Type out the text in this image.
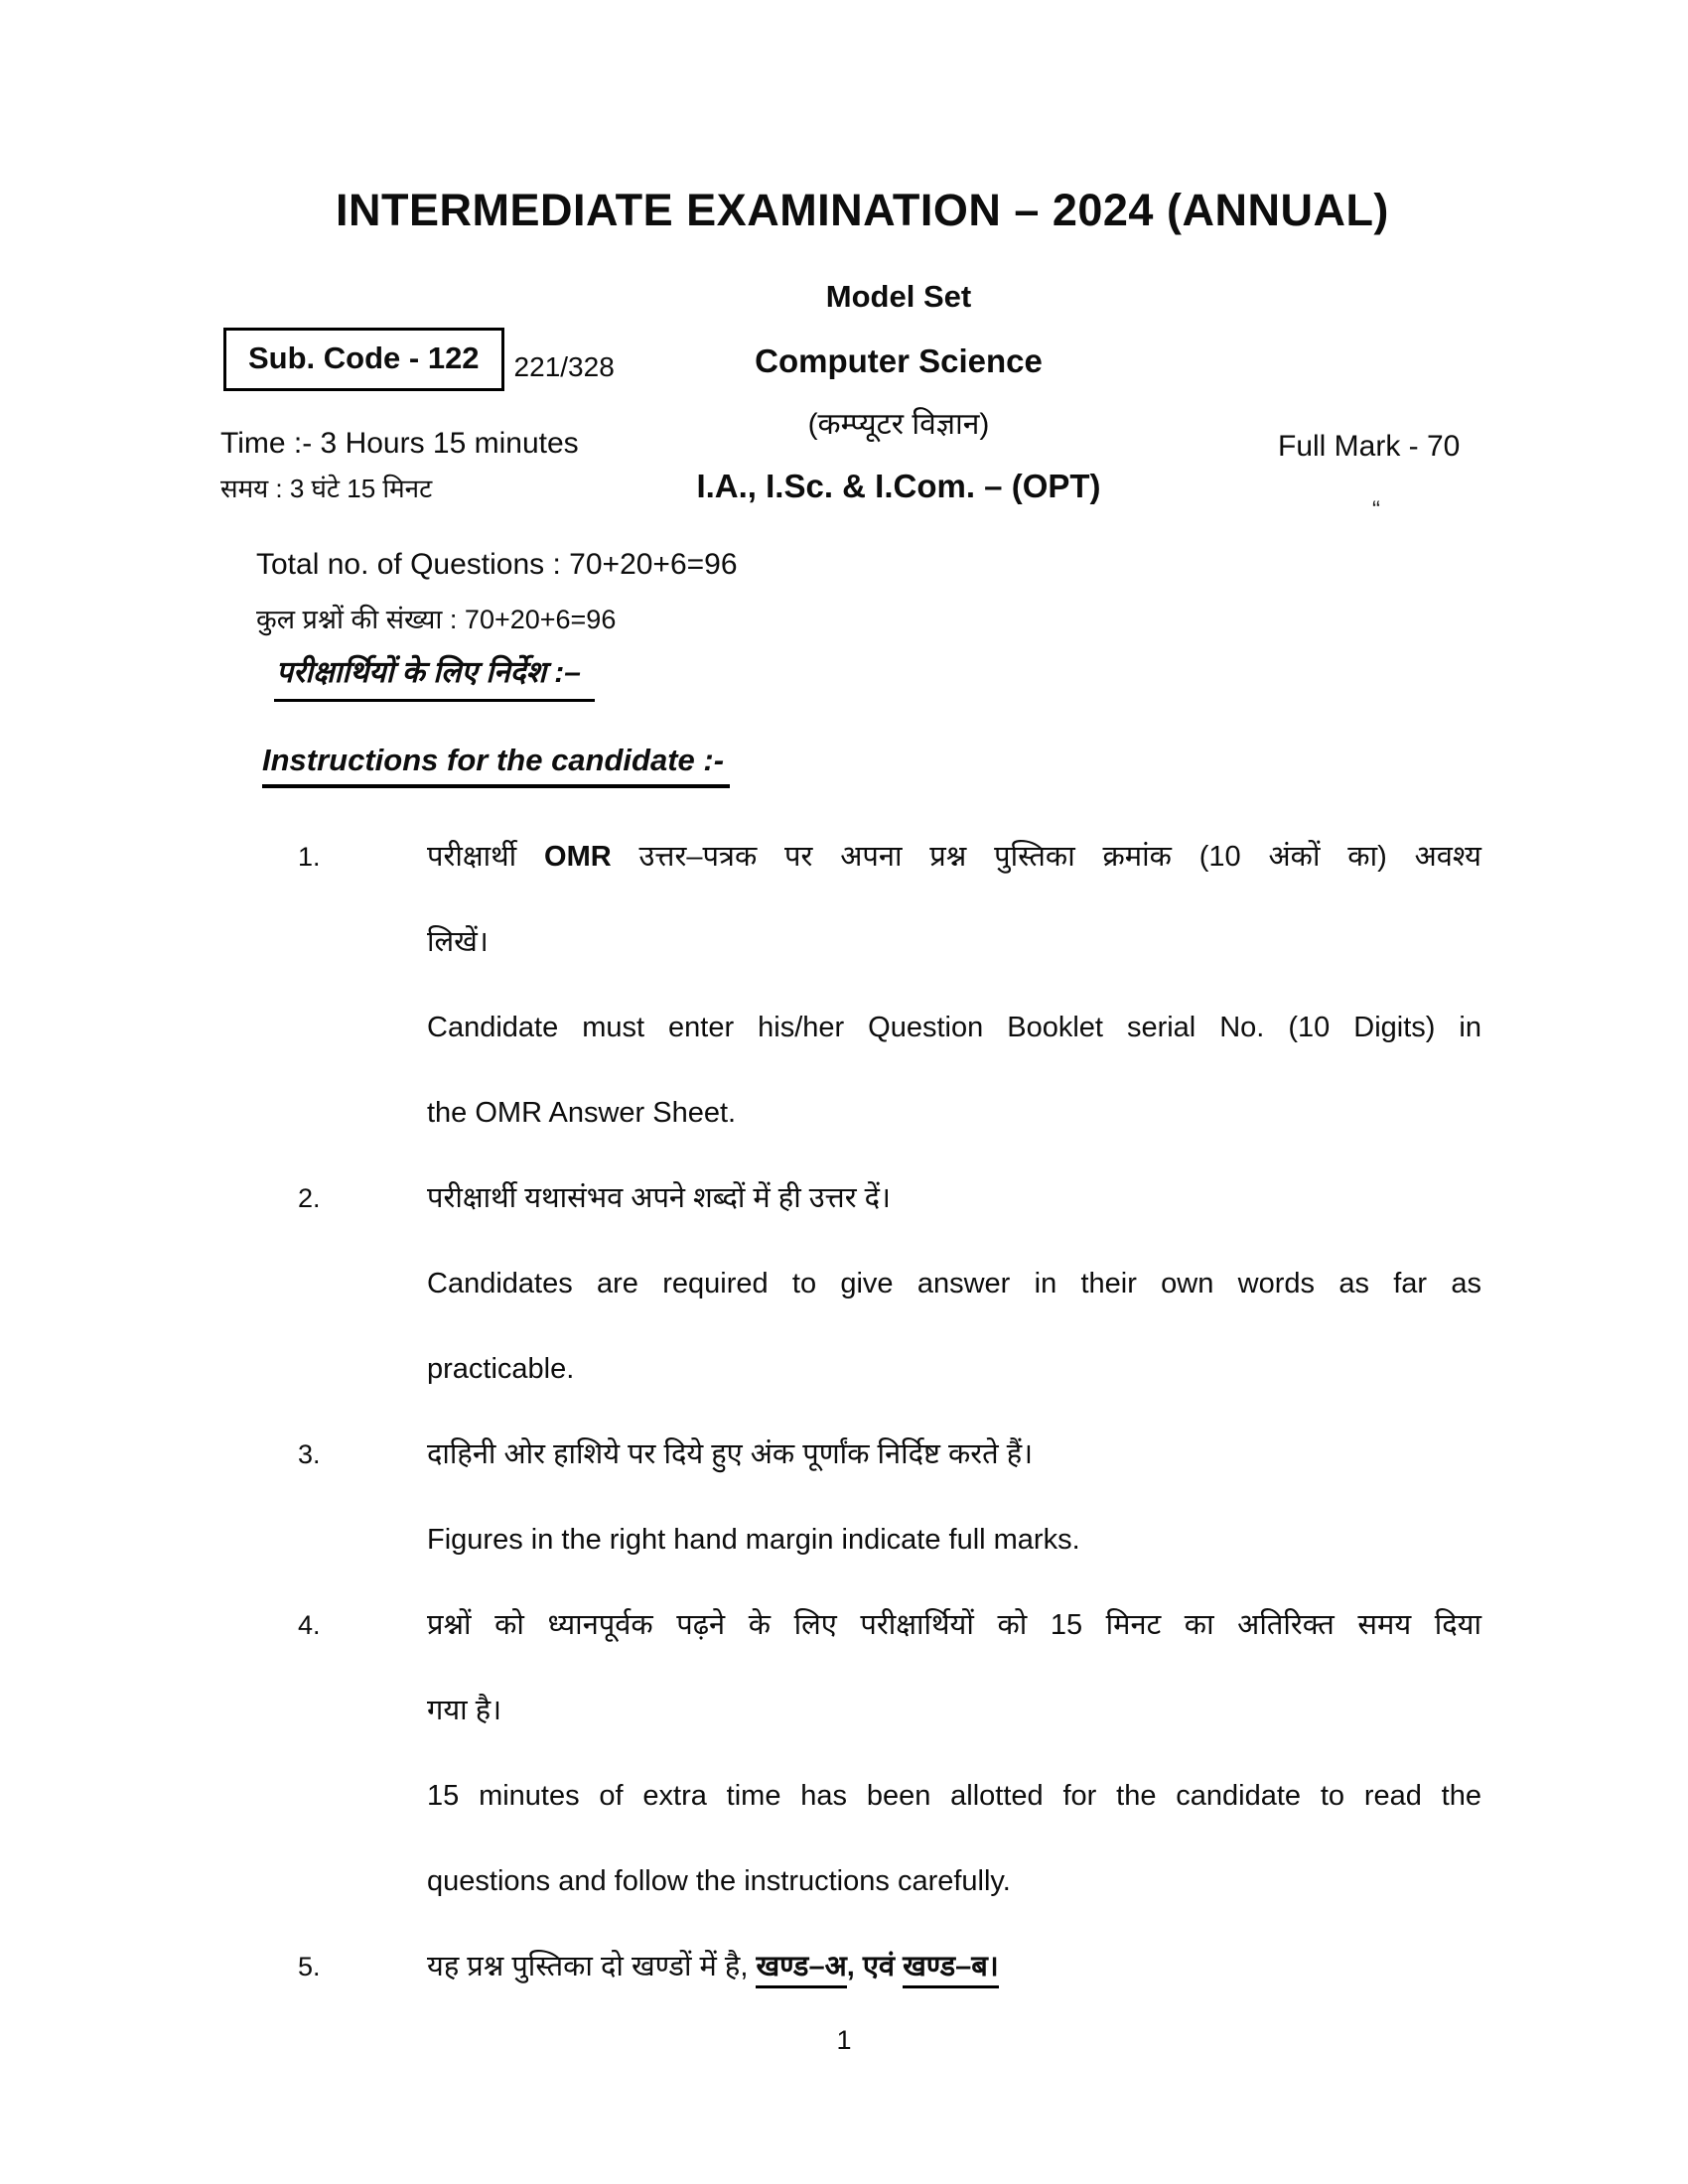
INTERMEDIATE EXAMINATION – 2024 (ANNUAL)
Model Set
Sub. Code - 122	221/328	Computer Science
(कम्प्यूटर विज्ञान)
Time :- 3 Hours 15 minutes
समय : 3 घंटे 15 मिनट	I.A., I.Sc. & I.Com. – (OPT)
Full Mark - 70
“
Total no. of Questions : 70+20+6=96
कुल प्रश्नों की संख्या : 70+20+6=96
परीक्षार्थियों के लिए निर्देश :–
Instructions for the candidate :-
1.	परीक्षार्थी OMR उत्तर–पत्रक पर अपना प्रश्न पुस्तिका क्रमांक (10 अंकों का) अवश्य
लिखें।
Candidate must enter his/her Question Booklet serial No. (10 Digits) in
the OMR Answer Sheet.
2.	परीक्षार्थी यथासंभव अपने शब्दों में ही उत्तर दें।
Candidates are required to give answer in their own words as far as
practicable.
3.	दाहिनी ओर हाशिये पर दिये हुए अंक पूर्णांक निर्दिष्ट करते हैं।
Figures in the right hand margin indicate full marks.
4.	प्रश्नों को ध्यानपूर्वक पढ़ने के लिए परीक्षार्थियों को 15 मिनट का अतिरिक्त समय दिया
गया है।
15 minutes of extra time has been allotted for the candidate to read the
questions and follow the instructions carefully.
5.	यह प्रश्न पुस्तिका दो खण्डों में है, खण्ड–अ, एवं खण्ड–ब।
1
